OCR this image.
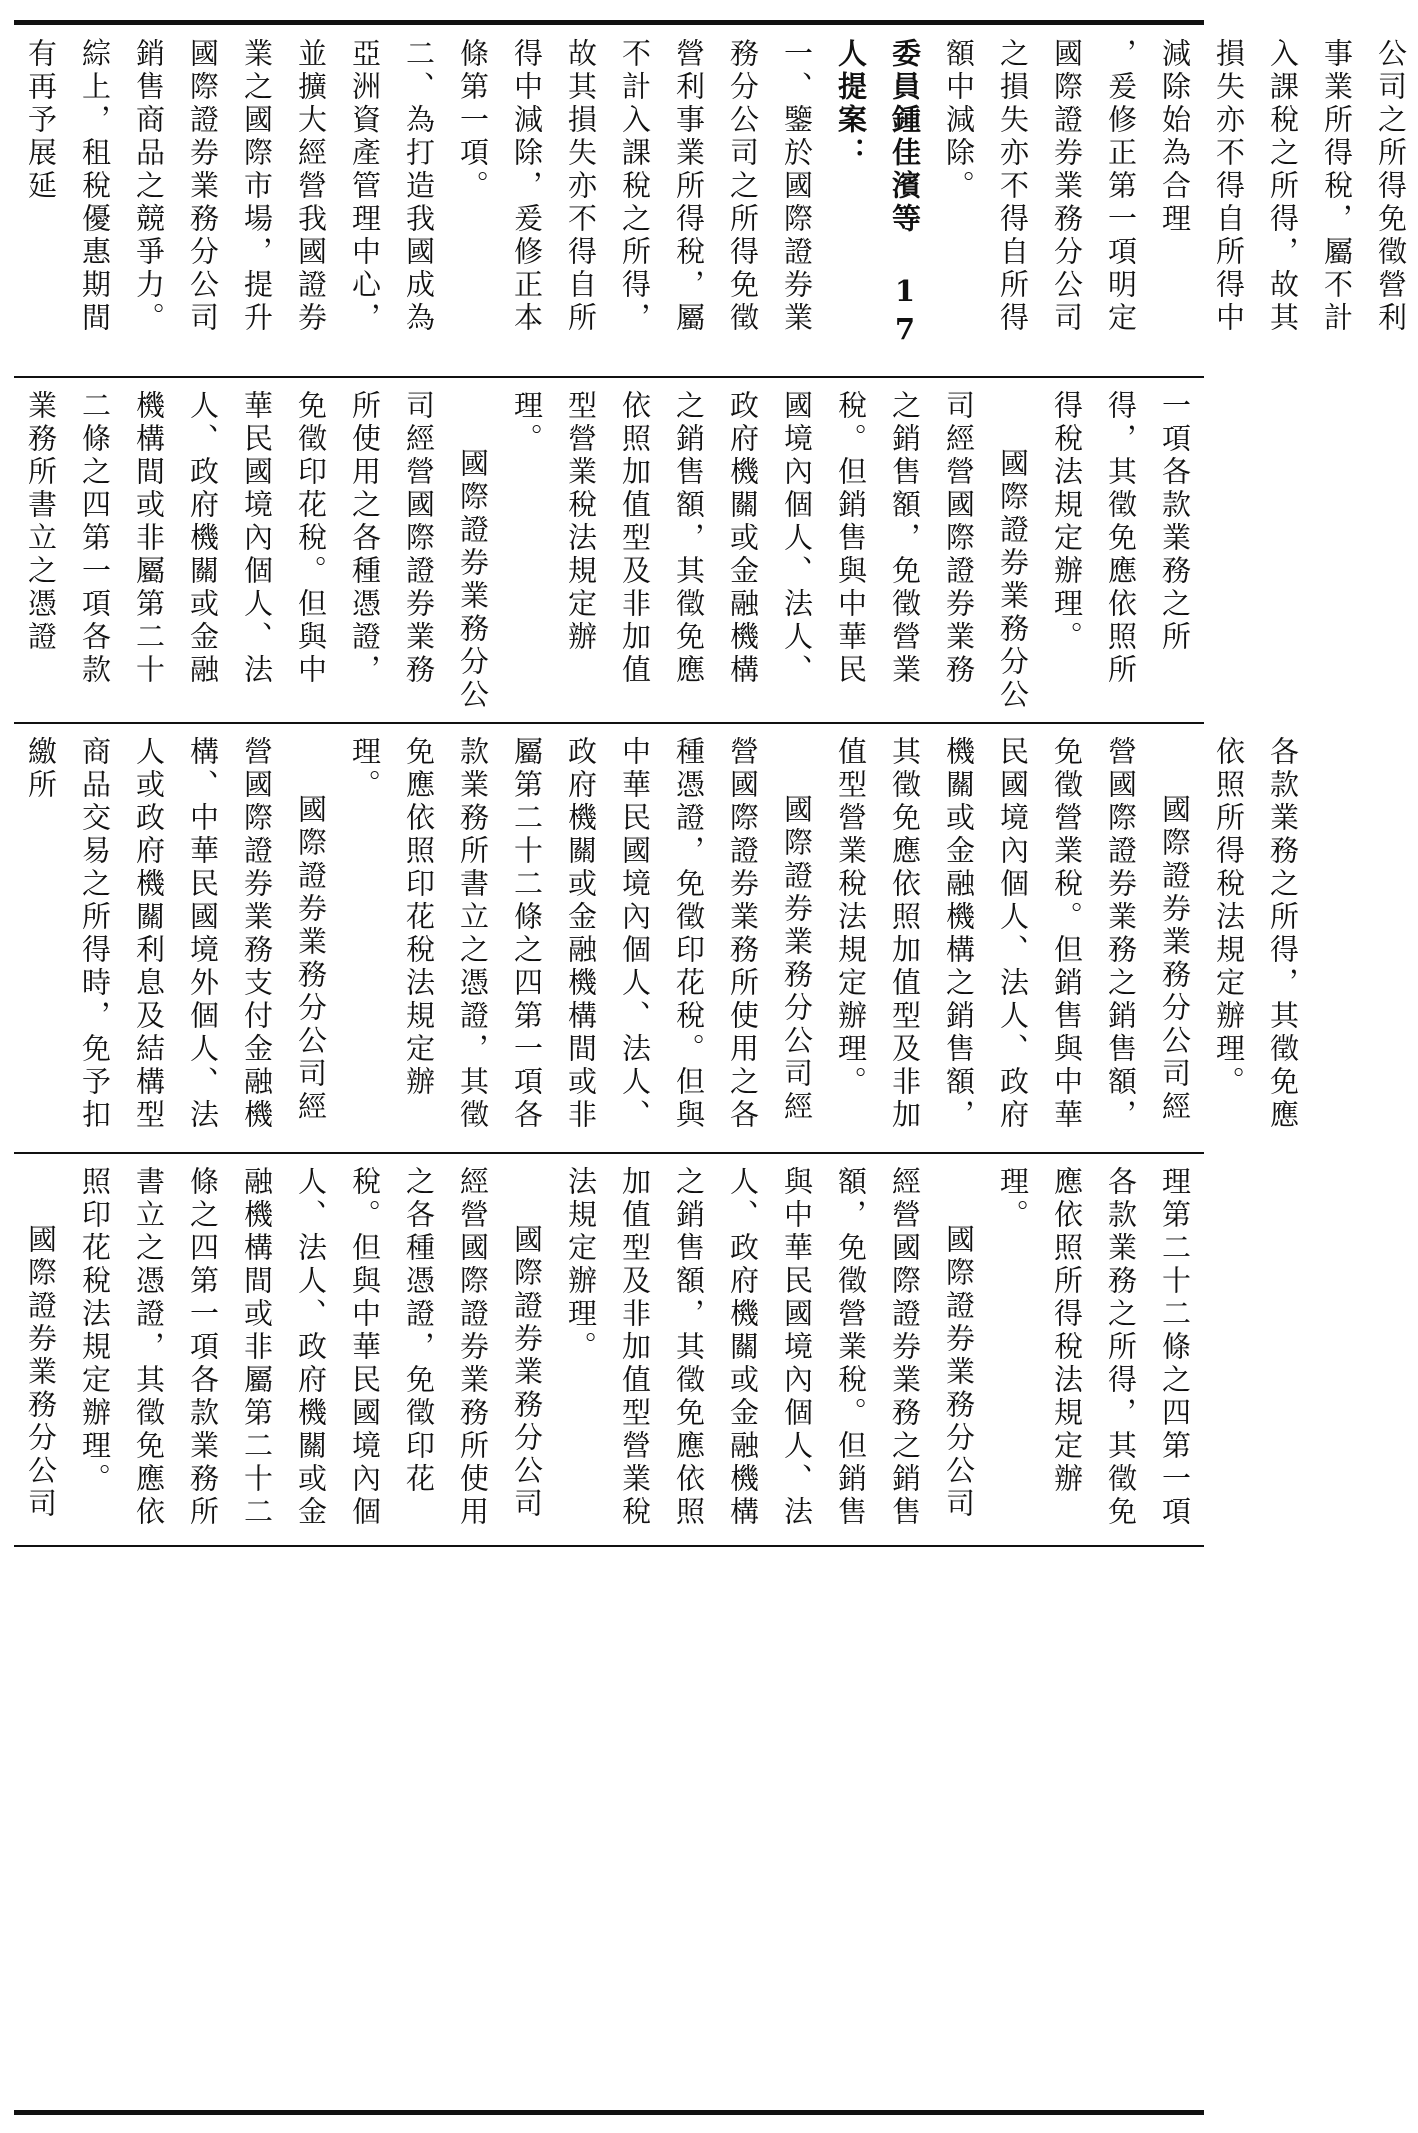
公司之所得免徵營利事業所得稅，屬不計入課稅之所得，故其損失亦不得自所得中減除始為合理

，爰修正第一項明定國際證券業務分公司之損失亦不得自所得額中減除。

委員鍾佳濱等 17 人提案：

一、鑒於國際證券業務分公司之所得免徵營利事業所得稅，屬不計入課稅之所得，故其損失亦不得自所得中減除，爰修正本條第一項。

二、為打造我國成為亞洲資產管理中心，並擴大經營我國證券業之國際市場，提升國際證券業務分公司銷售商品之競爭力。綜上，租稅優惠期間有再予展延

一項各款業務之所得，其徵免應依照所得稅法規定辦理。

國際證券業務分公司經營國際證券業務之銷售額，免徵營業稅。但銷售與中華民國境內個人、法人、政府機關或金融機構之銷售額，其徵免應依照加值型及非加值型營業稅法規定辦理。

國際證券業務分公司經營國際證券業務所使用之各種憑證，免徵印花稅。但與中華民國境內個人、法人、政府機關或金融機構間或非屬第二十二條之四第一項各款業務所書立之憑證

各款業務之所得，其徵免應依照所得稅法規定辦理。

國際證券業務分公司經營國際證券業務之銷售額，免徵營業稅。但銷售與中華民國境內個人、法人、政府機關或金融機構之銷售額，其徵免應依照加值型及非加值型營業稅法規定辦理。

國際證券業務分公司經營國際證券業務所使用之各種憑證，免徵印花稅。但與中華民國境內個人、法人、政府機關或金融機構間或非屬第二十二條之四第一項各款業務所書立之憑證，其徵免應依照印花稅法規定辦理。

國際證券業務分公司經營國際證券業務支付金融機構、中華民國境外個人、法人或政府機關利息及結構型商品交易之所得時，免予扣繳所

理第二十二條之四第一項各款業務之所得，其徵免應依照所得稅法規定辦理。

國際證券業務分公司經營國際證券業務之銷售額，免徵營業稅。但銷售與中華民國境內個人、法人、政府機關或金融機構之銷售額，其徵免應依照加值型及非加值型營業稅法規定辦理。

國際證券業務分公司經營國際證券業務所使用之各種憑證，免徵印花稅。但與中華民國境內個人、法人、政府機關或金融機構間或非屬第二十二條之四第一項各款業務所書立之憑證，其徵免應依照印花稅法規定辦理。

國際證券業務分公司
